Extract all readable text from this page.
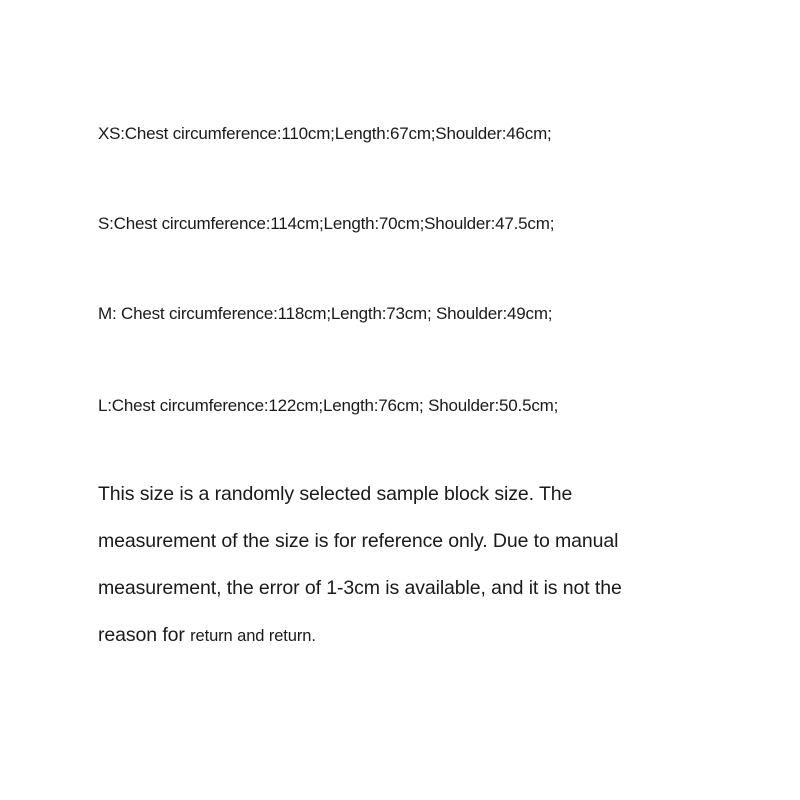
XS:Chest circumference:110cm;Length:67cm;Shoulder:46cm;
S:Chest circumference:114cm;Length:70cm;Shoulder:47.5cm;
M: Chest circumference:118cm;Length:73cm; Shoulder:49cm;
L:Chest circumference:122cm;Length:76cm; Shoulder:50.5cm;
This size is a randomly selected sample block size. The
measurement of the size is for reference only. Due to manual
measurement, the error of 1-3cm is available, and it is not the
reason for return and return.
